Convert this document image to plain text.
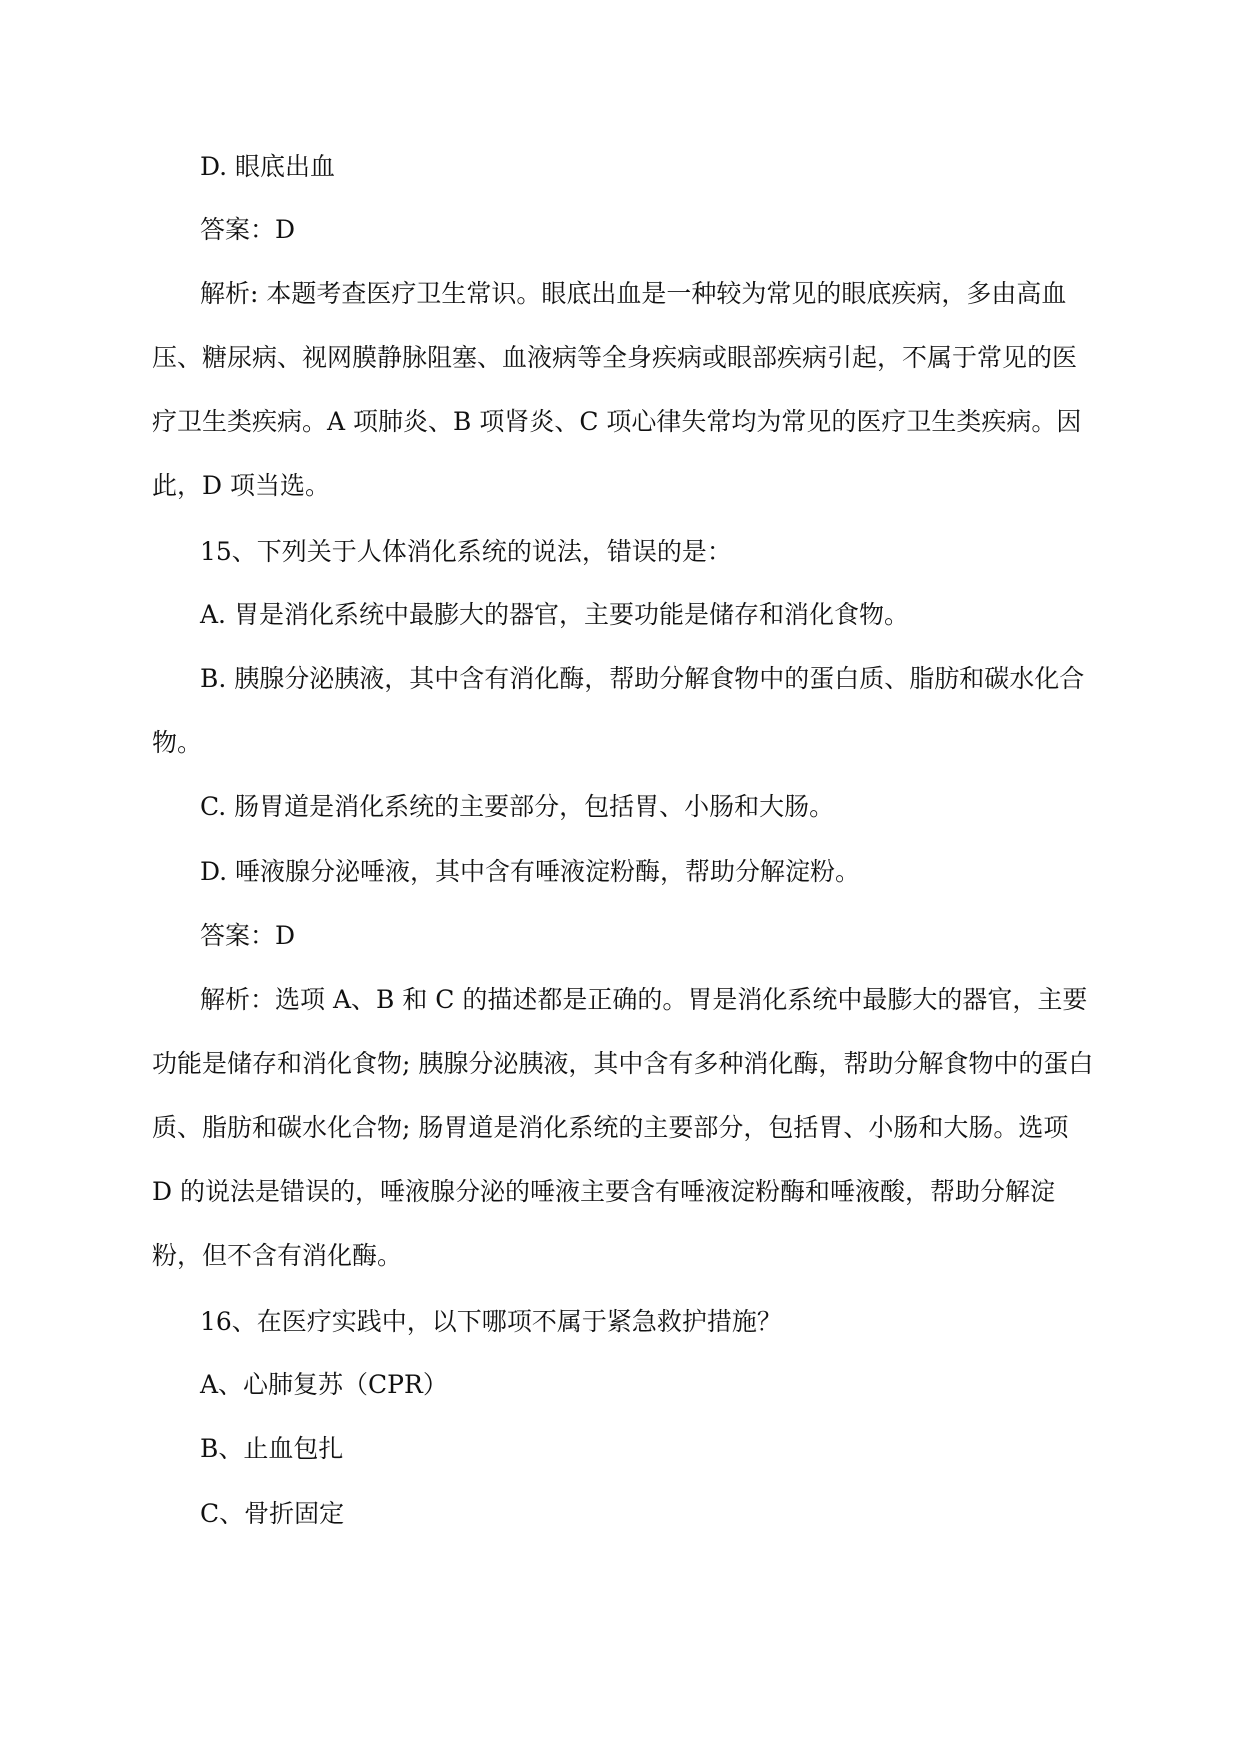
D. 眼底出血

答案：D

解析: 本题考查医疗卫生常识。眼底出血是一种较为常见的眼底疾病，多由高血压、糖尿病、视网膜静脉阻塞、血液病等全身疾病或眼部疾病引起，不属于常见的医疗卫生类疾病。A 项肺炎、B 项肾炎、C 项心律失常均为常见的医疗卫生类疾病。因此，D 项当选。

15、下列关于人体消化系统的说法，错误的是：

A. 胃是消化系统中最膨大的器官，主要功能是储存和消化食物。

B. 胰腺分泌胰液，其中含有消化酶，帮助分解食物中的蛋白质、脂肪和碳水化合物。

C. 肠胃道是消化系统的主要部分，包括胃、小肠和大肠。

D. 唾液腺分泌唾液，其中含有唾液淀粉酶，帮助分解淀粉。

答案：D

解析：选项 A、B 和 C 的描述都是正确的。胃是消化系统中最膨大的器官，主要功能是储存和消化食物; 胰腺分泌胰液，其中含有多种消化酶，帮助分解食物中的蛋白质、脂肪和碳水化合物; 肠胃道是消化系统的主要部分，包括胃、小肠和大肠。选项 D 的说法是错误的，唾液腺分泌的唾液主要含有唾液淀粉酶和唾液酸，帮助分解淀粉，但不含有消化酶。

16、在医疗实践中，以下哪项不属于紧急救护措施？

A、心肺复苏（CPR）

B、止血包扎

C、骨折固定
